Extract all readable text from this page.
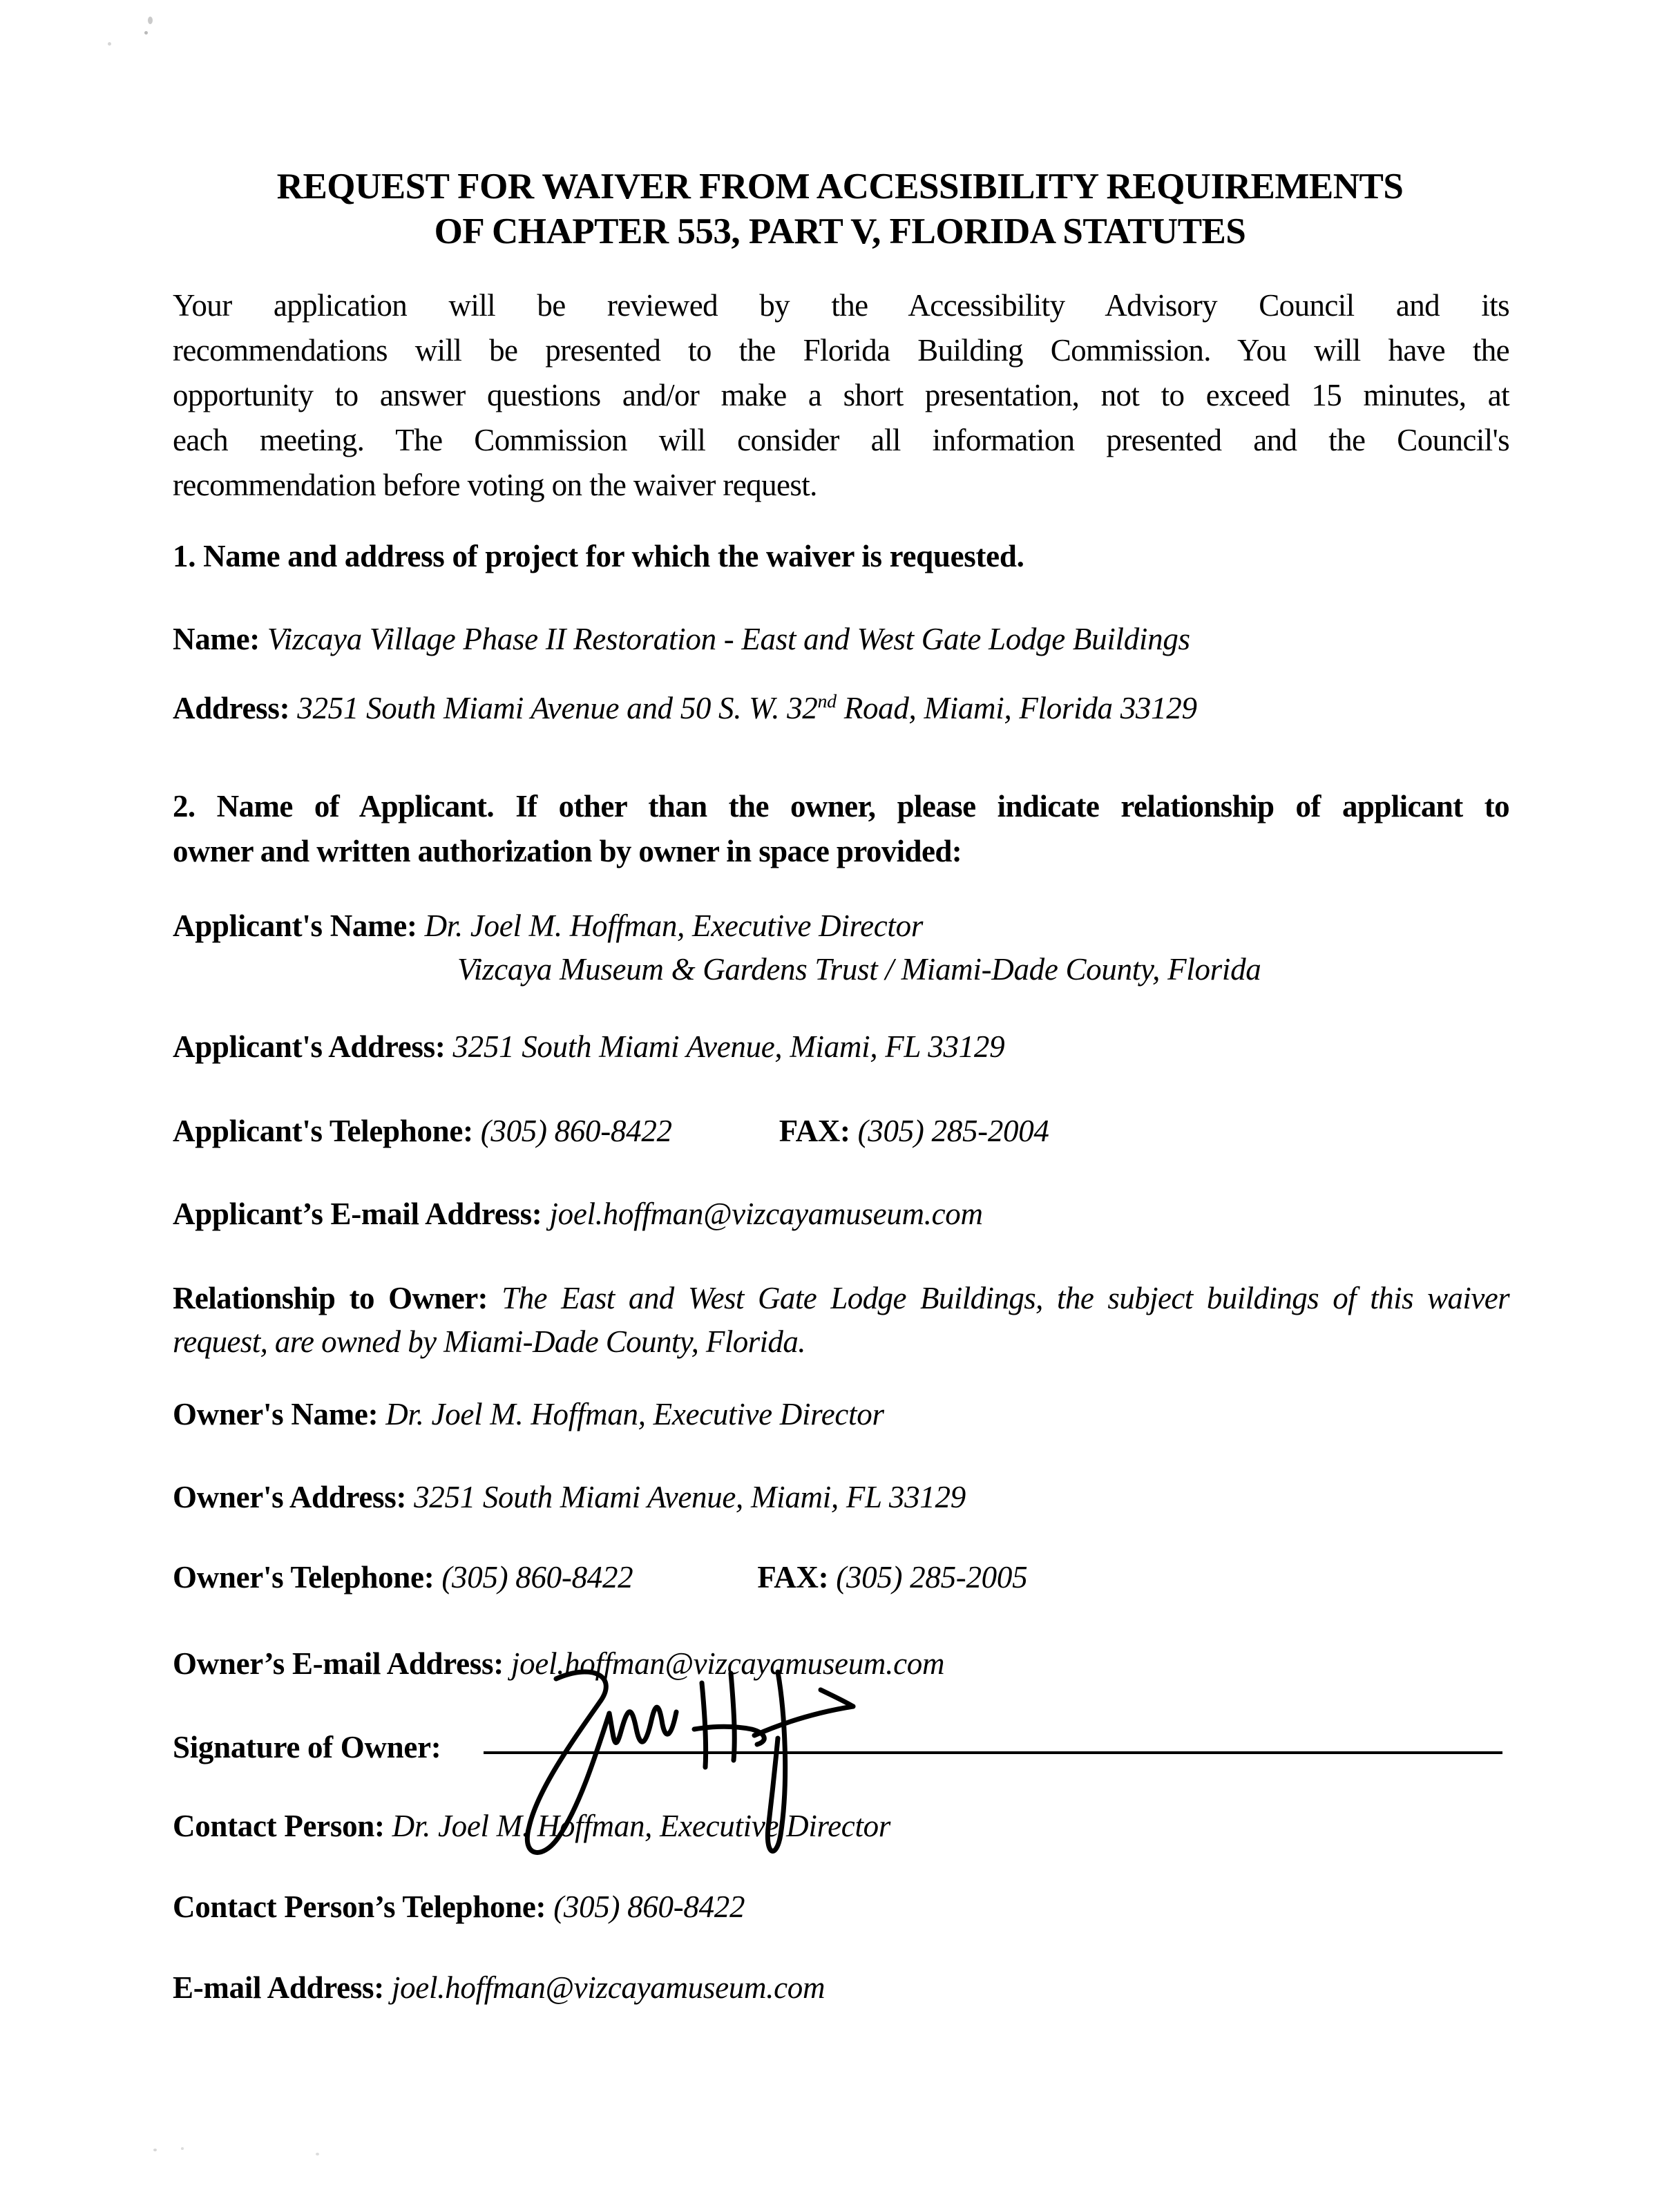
REQUEST FOR WAIVER FROM ACCESSIBILITY REQUIREMENTS
OF CHAPTER 553, PART V, FLORIDA STATUTES
Your application will be reviewed by the Accessibility Advisory Council and its
recommendations will be presented to the Florida Building Commission. You will have the
opportunity to answer questions and/or make a short presentation, not to exceed 15 minutes, at
each meeting. The Commission will consider all information presented and the Council's
recommendation before voting on the waiver request.
1. Name and address of project for which the waiver is requested.
Name: Vizcaya Village Phase II Restoration - East and West Gate Lodge Buildings
Address: 3251 South Miami Avenue and 50 S. W. 32nd Road, Miami, Florida 33129
2. Name of Applicant. If other than the owner, please indicate relationship of applicant to
owner and written authorization by owner in space provided:
Applicant's Name: Dr. Joel M. Hoffman, Executive Director
Vizcaya Museum & Gardens Trust / Miami-Dade County, Florida
Applicant's Address: 3251 South Miami Avenue, Miami, FL 33129
Applicant's Telephone: (305) 860-8422	FAX: (305) 285-2004
Applicant’s E-mail Address: joel.hoffman@vizcayamuseum.com
Relationship to Owner: The East and West Gate Lodge Buildings, the subject buildings of this waiver request, are owned by Miami-Dade County, Florida.
Owner's Name: Dr. Joel M. Hoffman, Executive Director
Owner's Address: 3251 South Miami Avenue, Miami, FL 33129
Owner's Telephone: (305) 860-8422	FAX: (305) 285-2005
Owner’s E-mail Address: joel.hoffman@vizcayamuseum.com
Signature of Owner:
Contact Person: Dr. Joel M. Hoffman, Executive Director
Contact Person’s Telephone: (305) 860-8422
E-mail Address: joel.hoffman@vizcayamuseum.com
